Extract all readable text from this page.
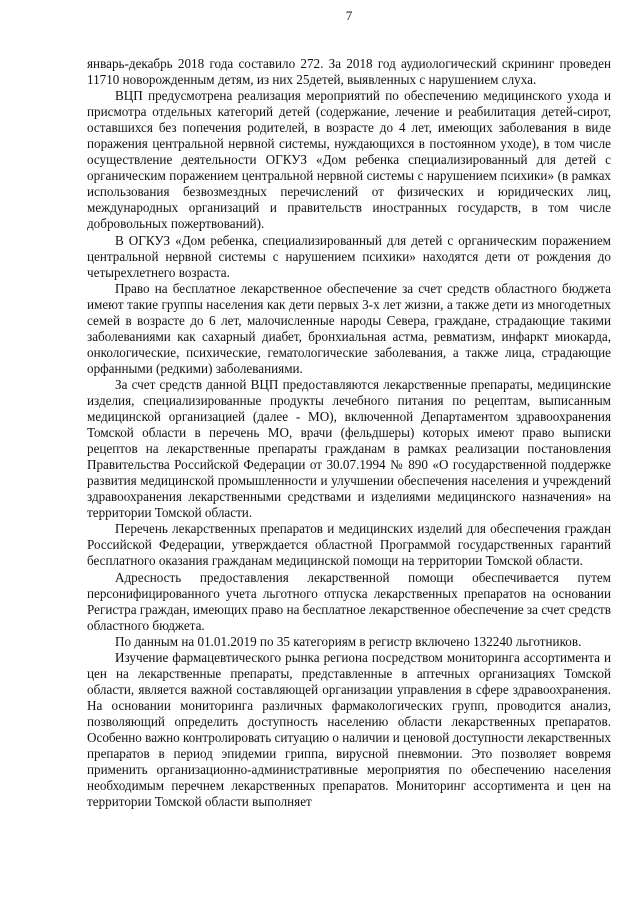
7

январь-декабрь 2018 года составило 272. За 2018 год аудиологический скрининг проведен 11710 новорожденным детям, из них 25детей, выявленных с нарушением слуха.

ВЦП предусмотрена реализация мероприятий по обеспечению медицинского ухода и присмотра отдельных категорий детей (содержание, лечение и реабилитация детей-сирот, оставшихся без попечения родителей, в возрасте до 4 лет, имеющих заболевания в виде поражения центральной нервной системы, нуждающихся в постоянном уходе), в том числе осуществление деятельности ОГКУЗ «Дом ребенка специализированный для детей с органическим поражением центральной нервной системы с нарушением психики» (в рамках использования безвозмездных перечислений от физических и юридических лиц, международных организаций и правительств иностранных государств, в том числе добровольных пожертвований).

В ОГКУЗ «Дом ребенка, специализированный для детей с органическим поражением центральной нервной системы с нарушением психики» находятся дети от рождения до четырехлетнего возраста.

Право на бесплатное лекарственное обеспечение за счет средств областного бюджета имеют такие группы населения как дети первых 3-х лет жизни, а также дети из многодетных семей в возрасте до 6 лет, малочисленные народы Севера, граждане, страдающие такими заболеваниями как сахарный диабет, бронхиальная астма, ревматизм, инфаркт миокарда, онкологические, психические, гематологические заболевания, а также лица, страдающие орфанными (редкими) заболеваниями.

За счет средств данной ВЦП предоставляются лекарственные препараты, медицинские изделия, специализированные продукты лечебного питания по рецептам, выписанным медицинской организацией (далее - МО), включенной Департаментом здравоохранения Томской области в перечень МО, врачи (фельдшеры) которых имеют право выписки рецептов на лекарственные препараты гражданам в рамках реализации постановления Правительства Российской Федерации от 30.07.1994 № 890 «О государственной поддержке развития медицинской промышленности и улучшении обеспечения населения и учреждений здравоохранения лекарственными средствами и изделиями медицинского назначения» на территории Томской области.

Перечень лекарственных препаратов и медицинских изделий для обеспечения граждан Российской Федерации, утверждается областной Программой государственных гарантий бесплатного оказания гражданам медицинской помощи на территории Томской области.

Адресность предоставления лекарственной помощи обеспечивается путем персонифицированного учета льготного отпуска лекарственных препаратов на основании Регистра граждан, имеющих право на бесплатное лекарственное обеспечение за счет средств областного бюджета.

По данным на 01.01.2019 по 35 категориям в регистр включено 132240 льготников.

Изучение фармацевтического рынка региона посредством мониторинга ассортимента и цен на лекарственные препараты, представленные в аптечных организациях Томской области, является важной составляющей организации управления в сфере здравоохранения. На основании мониторинга различных фармакологических групп, проводится анализ, позволяющий определить доступность населению области лекарственных препаратов. Особенно важно контролировать ситуацию о наличии и ценовой доступности лекарственных препаратов в период эпидемии гриппа, вирусной пневмонии. Это позволяет вовремя применить организационно-административные мероприятия по обеспечению населения необходимым перечнем лекарственных препаратов. Мониторинг ассортимента и цен на территории Томской области выполняет
